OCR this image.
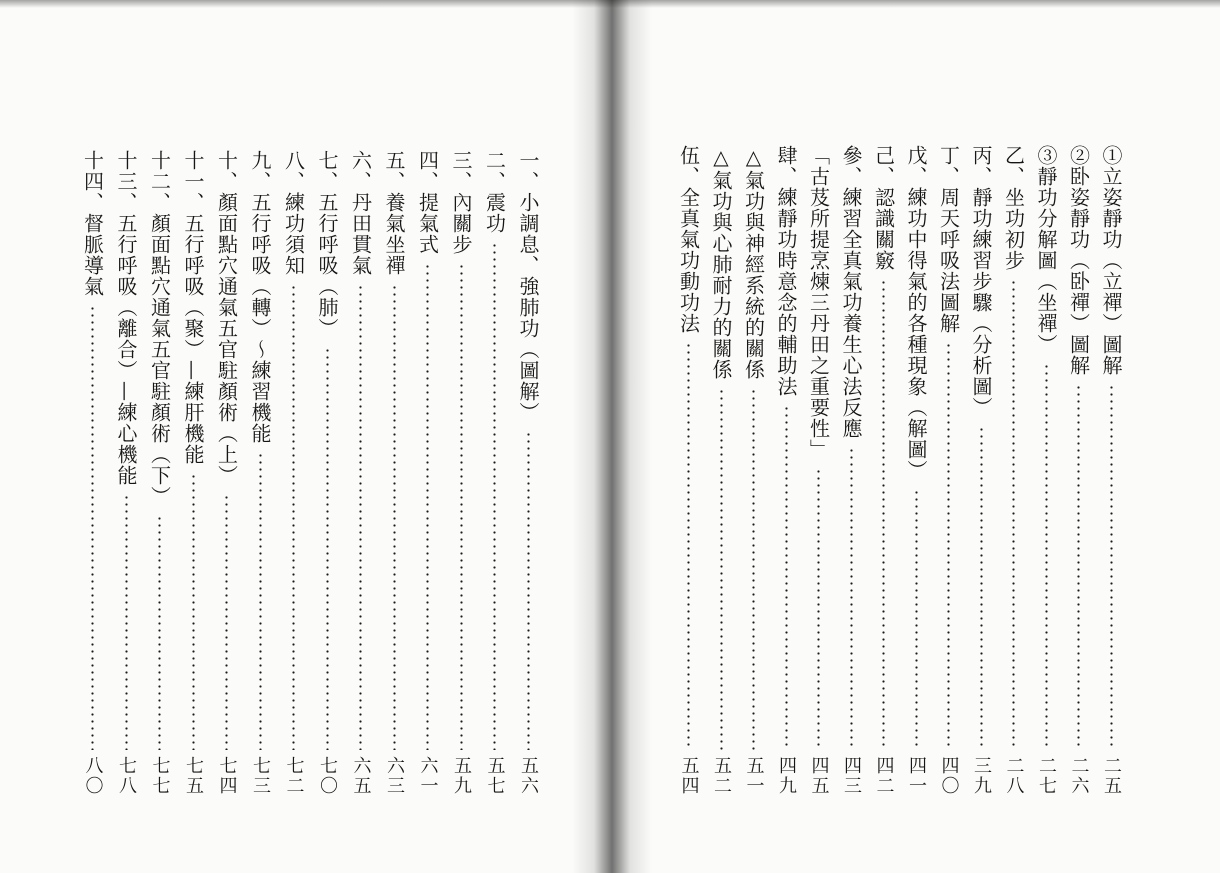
一、小調息、強肺功（圖解）
五六
二、震功
五七
三、內關步
五九
四、提氣式
六一
五、養氣坐禪
六三
六、丹田貫氣
六五
七、五行呼吸（肺）
七〇
八、練功須知
七二
九、五行呼吸（轉）～練習機能
七三
十、顏面點穴通氣五官駐顏術（上）
七四
十一、五行呼吸（聚）—練肝機能
七五
十二、顏面點穴通氣五官駐顏術（下）
七七
十三、五行呼吸（離合）—練心機能
七八
十四、督脈導氣
八〇
①立姿靜功（立禪）圖解
二五
②卧姿靜功（卧禪）圖解
二六
③靜功分解圖（坐禪）
二七
乙、坐功初步
二八
丙、靜功練習步驟（分析圖）
三九
丁、周天呼吸法圖解
四〇
戊、練功中得氣的各種現象（解圖）
四一
己、認識關竅
四二
參、練習全真氣功養生心法反應
四三
「古芨所提烹煉三丹田之重要性」
四五
肆、練靜功時意念的輔助法
四九
△氣功與神經系統的關係
五一
△氣功與心肺耐力的關係
五二
伍、全真氣功動功法
五四
